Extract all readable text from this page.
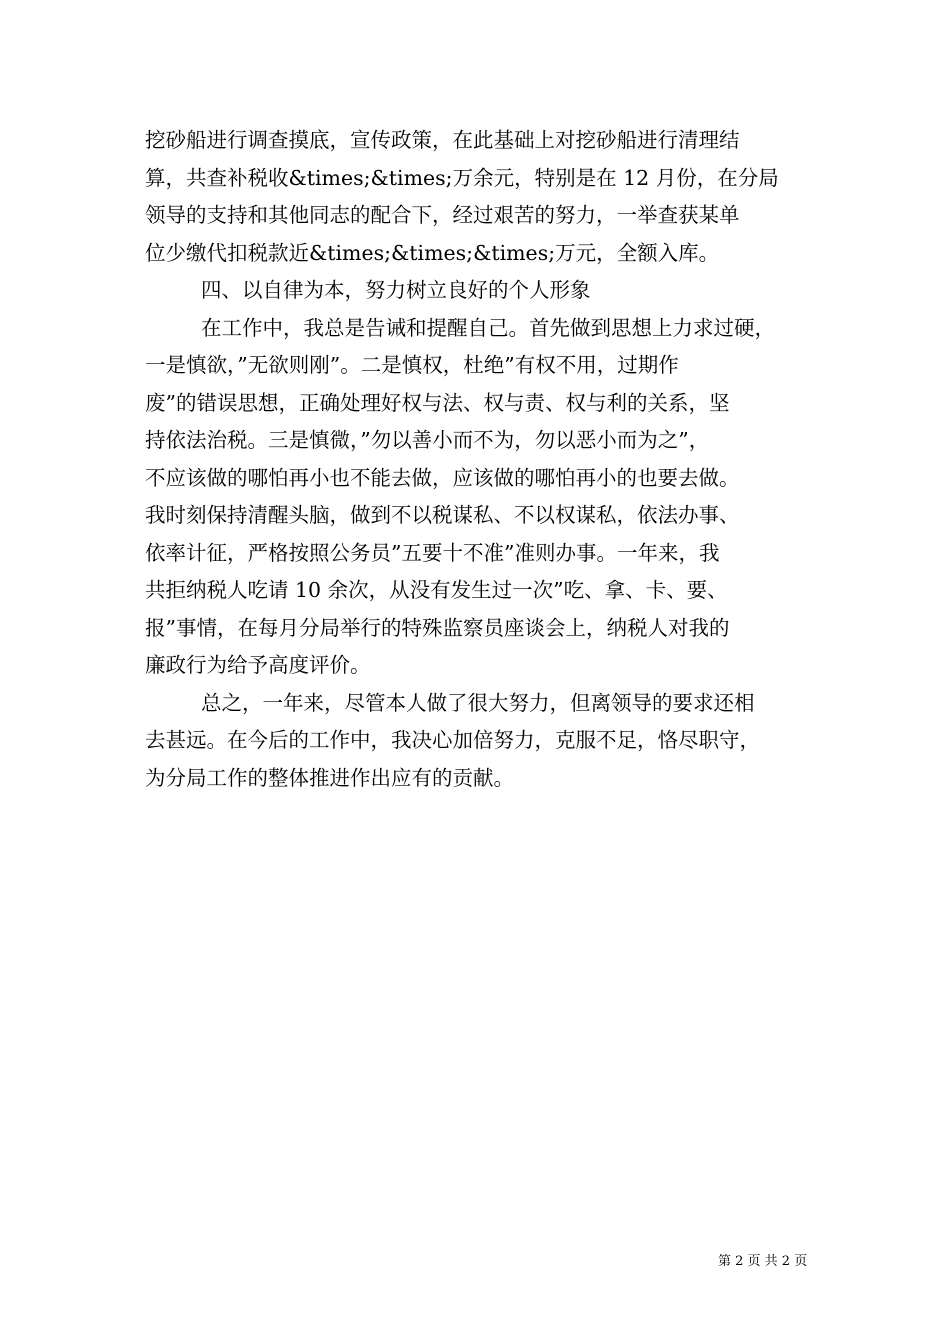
挖砂船进行调查摸底，宣传政策，在此基础上对挖砂船进行清理结
算，共查补税收&times;&times;万余元，特别是在 12 月份，在分局
领导的支持和其他同志的配合下，经过艰苦的努力，一举查获某单
位少缴代扣税款近&times;&times;&times;万元，全额入库。
四、以自律为本，努力树立良好的个人形象
在工作中，我总是告诫和提醒自己。首先做到思想上力求过硬，
一是慎欲，”无欲则刚”。二是慎权，杜绝”有权不用，过期作
废”的错误思想，正确处理好权与法、权与责、权与利的关系，坚
持依法治税。三是慎微，”勿以善小而不为，勿以恶小而为之”，
不应该做的哪怕再小也不能去做，应该做的哪怕再小的也要去做。
我时刻保持清醒头脑，做到不以税谋私、不以权谋私，依法办事、
依率计征，严格按照公务员”五要十不准”准则办事。一年来，我
共拒纳税人吃请 10 余次，从没有发生过一次”吃、拿、卡、要、
报”事情，在每月分局举行的特殊监察员座谈会上，纳税人对我的
廉政行为给予高度评价。
总之，一年来，尽管本人做了很大努力，但离领导的要求还相
去甚远。在今后的工作中，我决心加倍努力，克服不足，恪尽职守，
为分局工作的整体推进作出应有的贡献。
第 2 页 共 2 页
